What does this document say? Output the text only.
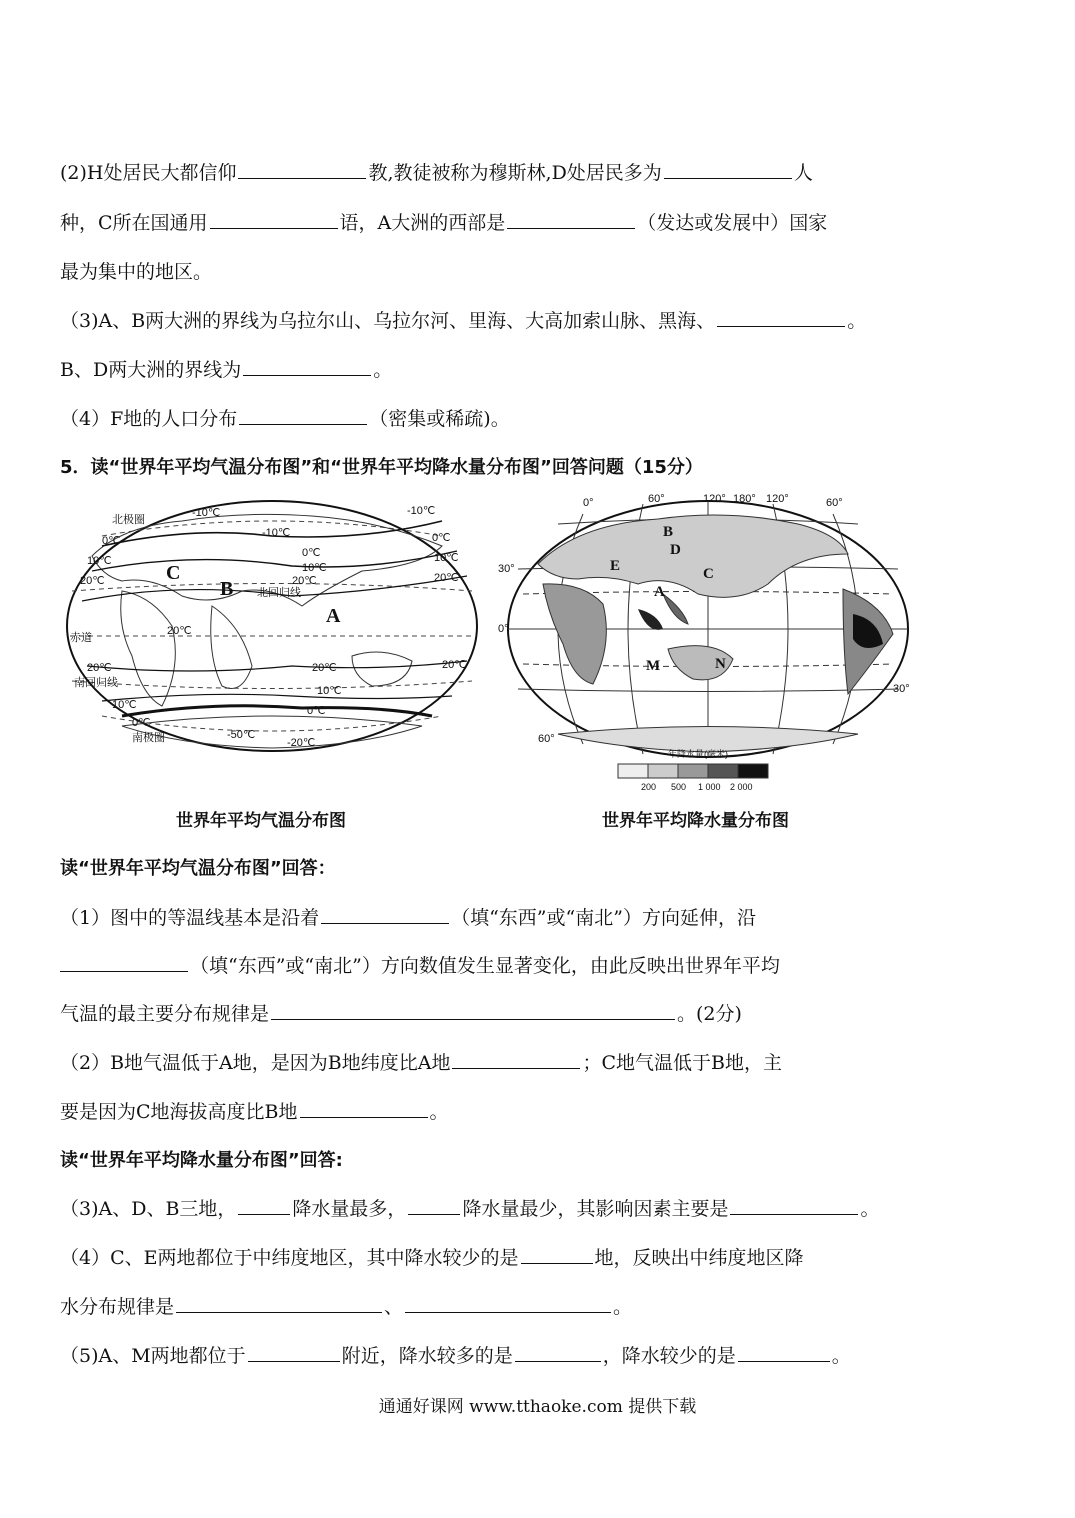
(2)H处居民大都信仰	教,教徒被称为穆斯林,D处居民多为	人
种，C所在国通用	语，A大洲的西部是	（发达或发展中）国家
最为集中的地区。
（3)A、B两大洲的界线为乌拉尔山、乌拉尔河、里海、大高加索山脉、黑海、	。
B、D两大洲的界线为	。
（4）F地的人口分布	（密集或稀疏)。
5．读“世界年平均气温分布图”和“世界年平均降水量分布图”回答问题（15分）
北极圈
-10℃
-10℃
-10℃
0℃
10℃
20℃
0℃
10℃
20℃
0℃
10℃
20℃
北回归线
赤道
20℃
20℃
南回归线
20℃	20℃
10℃
10℃
0℃
0℃
南极圈	-50℃
-20℃
C
B
A
世界年平均气温分布图
0°	60°	120° 180° 120°	60°
30°
0°
30°
60°
B
D
E	C
A
M	N
年降水量(毫米)
200 500 1 000 2 000
世界年平均降水量分布图
读“世界年平均气温分布图”回答：
（1）图中的等温线基本是沿着	（填“东西”或“南北”）方向延伸，沿
（填“东西”或“南北”）方向数值发生显著变化，由此反映出世界年平均
气温的最主要分布规律是	。(2分)
（2）B地气温低于A地，是因为B地纬度比A地	；C地气温低于B地，主
要是因为C地海拔高度比B地	。
读“世界年平均降水量分布图”回答:
（3)A、D、B三地，	降水量最多，	降水量最少，其影响因素主要是	。
（4）C、E两地都位于中纬度地区，其中降水较少的是	地，反映出中纬度地区降
水分布规律是	、	。
（5)A、M两地都位于	附近，降水较多的是	，降水较少的是	。
通通好课网 www.tthaoke.com 提供下载
